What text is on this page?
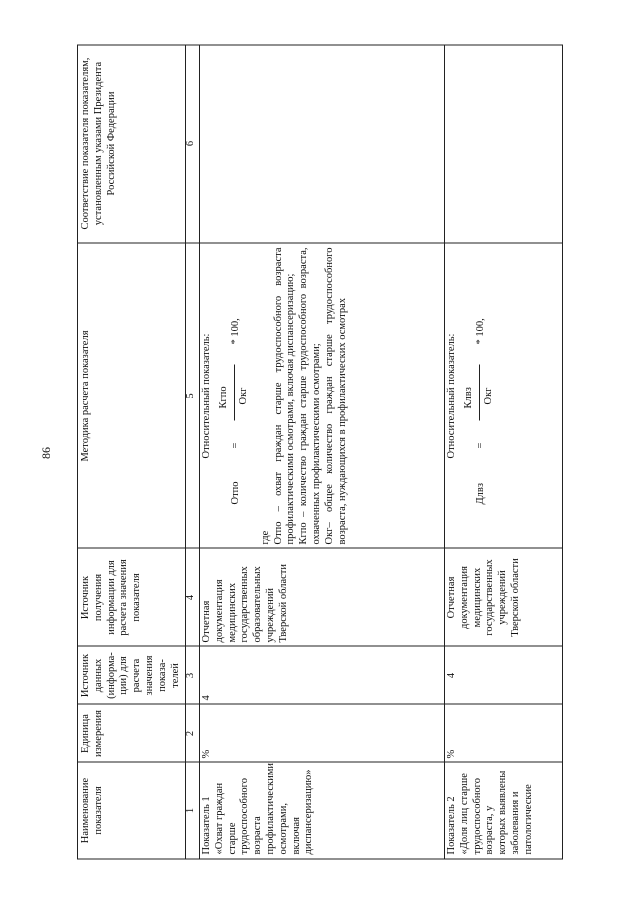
86
Наименование показателя
Единица измерения
Источник данных (информа-ции) для расчета значения показа-телей
Источник получения информации для расчета значения показателя
Методика расчета показателя
Соответствие показателя показателям, установленным указами Президента Российской Федерации
1
2
3
4
5
6
Показатель 1 «Охват граждан старше трудоспособного возраста профилактическими осмотрами, включая диспансеризацию»
%
4
Отчетная документация медицинских государственных образовательных учреждений Тверской области

Относительный показатель:

Отпо
=
Кгпо Окг
* 100,

где Отпо – охват граждан старше трудоспособного возраста профилактическими осмотрами, включая диспансеризацию; Кгпо – количество граждан старше трудоспособного возраста, охваченных профилактическими осмотрами; Окг– общее количество граждан старше трудоспособного возраста, нуждающихся в профилактических осмотрах

Показатель 2 «Доля лиц старше трудоспособного возраста, у которых выявлены заболевания и патологические
%
4
Отчетная документация медицинских государственных учреждений Тверской области

Относительный показатель:

Длвз
=
Клвз Окг
* 100,
